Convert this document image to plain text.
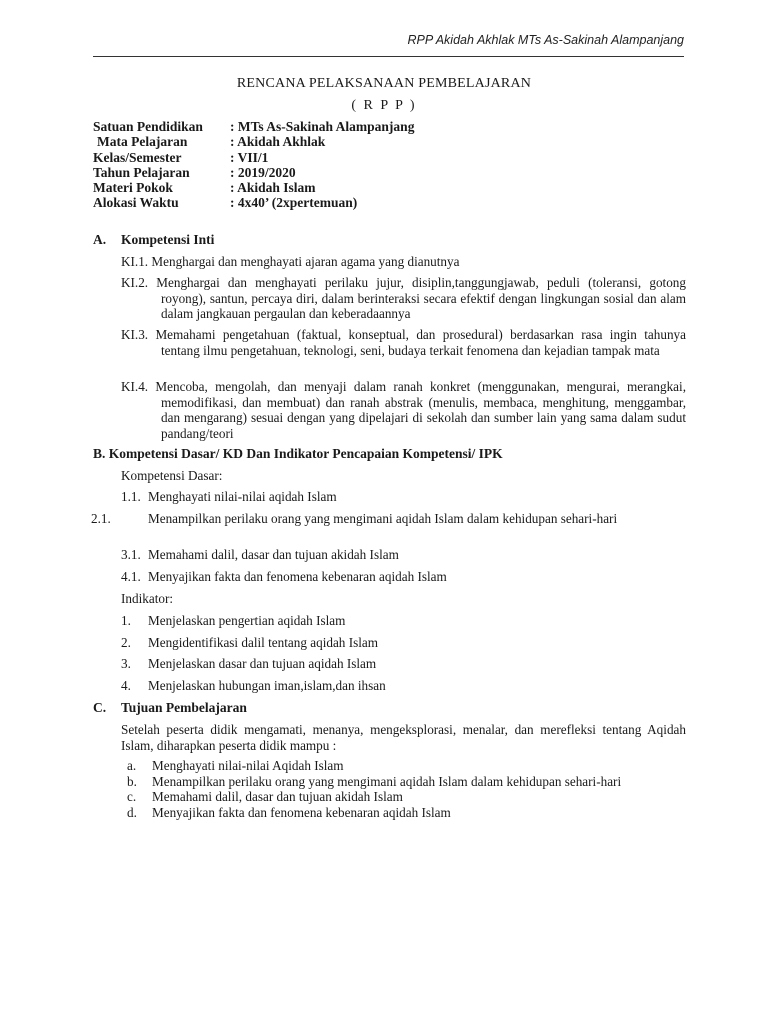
RPP Akidah Akhlak MTs As-Sakinah Alampanjang
RENCANA PELAKSANAAN PEMBELAJARAN
( R P P )
Satuan Pendidikan	: MTs As-Sakinah Alampanjang
Mata Pelajaran	: Akidah Akhlak
Kelas/Semester	: VII/1
Tahun Pelajaran	: 2019/2020
Materi Pokok	: Akidah Islam
Alokasi Waktu	: 4x40’ (2xpertemuan)
A. Kompetensi Inti
KI.1. Menghargai dan menghayati ajaran agama yang dianutnya
KI.2. Menghargai dan menghayati perilaku jujur, disiplin,tanggungjawab, peduli (toleransi, gotong royong), santun, percaya diri, dalam berinteraksi secara efektif dengan lingkungan sosial dan alam dalam jangkauan pergaulan dan keberadaannya
KI.3. Memahami pengetahuan (faktual, konseptual, dan prosedural) berdasarkan rasa ingin tahunya tentang ilmu pengetahuan, teknologi, seni, budaya terkait fenomena dan kejadian tampak mata
KI.4. Mencoba, mengolah, dan menyaji dalam ranah konkret (menggunakan, mengurai, merangkai, memodifikasi, dan membuat) dan ranah abstrak (menulis, membaca, menghitung, menggambar, dan mengarang) sesuai dengan yang dipelajari di sekolah dan sumber lain yang sama dalam sudut pandang/teori
B. Kompetensi Dasar/ KD Dan Indikator Pencapaian Kompetensi/ IPK
Kompetensi Dasar:
1.1. Menghayati nilai-nilai aqidah Islam
2.1.	Menampilkan perilaku orang yang mengimani aqidah Islam dalam kehidupan sehari-hari
3.1. Memahami dalil, dasar dan tujuan akidah Islam
4.1. Menyajikan fakta dan fenomena kebenaran aqidah Islam
Indikator:
1. Menjelaskan pengertian aqidah Islam
2. Mengidentifikasi dalil tentang aqidah Islam
3. Menjelaskan dasar dan tujuan aqidah Islam
4. Menjelaskan hubungan iman,islam,dan ihsan
C. Tujuan Pembelajaran
Setelah peserta didik mengamati, menanya, mengeksplorasi, menalar, dan merefleksi tentang Aqidah Islam, diharapkan peserta didik mampu :
a.	Menghayati nilai-nilai Aqidah Islam
b.	Menampilkan perilaku orang yang mengimani aqidah Islam dalam kehidupan sehari-hari
c.	Memahami dalil, dasar dan tujuan akidah Islam
d.	Menyajikan fakta dan fenomena kebenaran aqidah Islam
